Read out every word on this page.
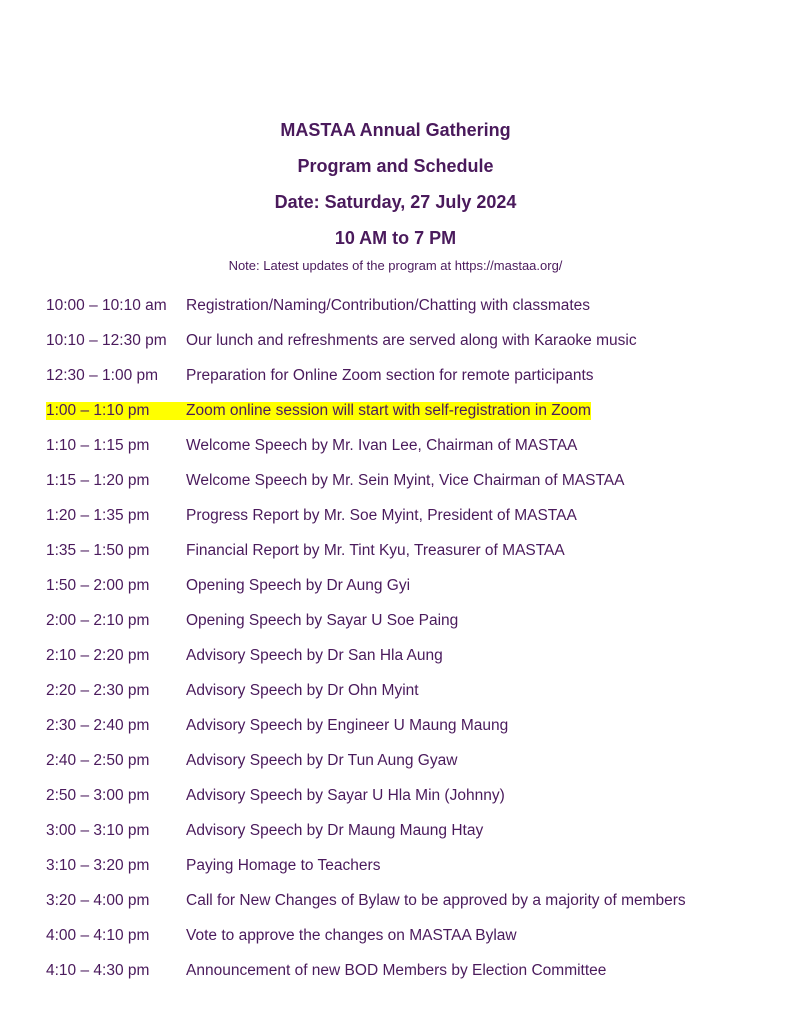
MASTAA Annual Gathering
Program and Schedule
Date: Saturday, 27 July 2024
10 AM to 7 PM
Note: Latest updates of the program at https://mastaa.org/
10:00 – 10:10 am	Registration/Naming/Contribution/Chatting with classmates
10:10 – 12:30 pm	Our lunch and refreshments are served along with Karaoke music
12:30 – 1:00 pm	Preparation for Online Zoom section for remote participants
1:00 – 1:10 pm	Zoom online session will start with self-registration in Zoom
1:10 – 1:15 pm	Welcome Speech by Mr. Ivan Lee, Chairman of MASTAA
1:15 – 1:20 pm	Welcome Speech by Mr. Sein Myint, Vice Chairman of MASTAA
1:20 – 1:35 pm	Progress Report by Mr. Soe Myint, President of MASTAA
1:35 – 1:50 pm	Financial Report by Mr. Tint Kyu, Treasurer of MASTAA
1:50 – 2:00 pm	Opening Speech by Dr Aung Gyi
2:00 – 2:10 pm	Opening Speech by Sayar U Soe Paing
2:10 – 2:20 pm	Advisory Speech by Dr San Hla Aung
2:20 – 2:30 pm	Advisory Speech by Dr Ohn Myint
2:30 – 2:40 pm	Advisory Speech by Engineer U Maung Maung
2:40 – 2:50 pm	Advisory Speech by Dr Tun Aung Gyaw
2:50 – 3:00 pm	Advisory Speech by Sayar U Hla Min (Johnny)
3:00 – 3:10 pm	Advisory Speech by Dr Maung Maung Htay
3:10 – 3:20 pm	Paying Homage to Teachers
3:20 – 4:00 pm	Call for New Changes of Bylaw to be approved by a majority of members
4:00 – 4:10 pm	Vote to approve the changes on MASTAA Bylaw
4:10 – 4:30 pm	Announcement of new BOD Members by Election Committee
